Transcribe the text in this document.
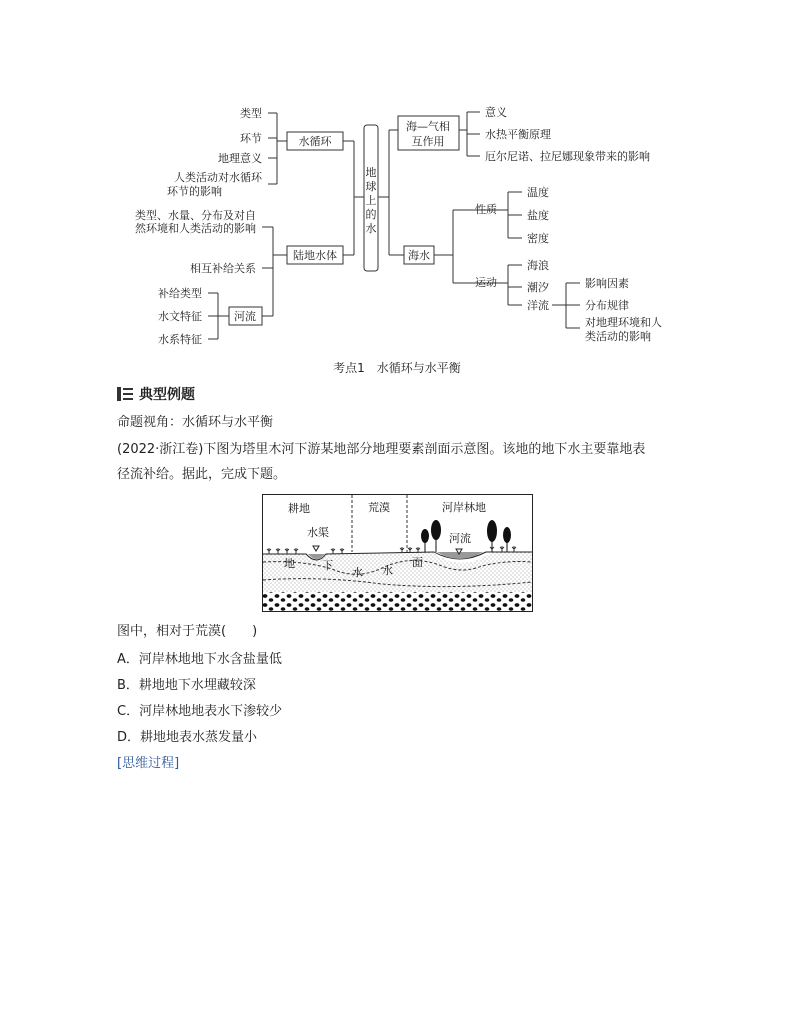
类型
环节
地理意义
人类活动对水循环
环节的影响
水循环
类型、水量、分布及对自
然环境和人类活动的影响
相互补给关系
陆地水体
补给类型
水文特征
水系特征
河流
地
球
上
的
水
海—气相
互作用
意义
水热平衡原理
厄尔尼诺、拉尼娜现象带来的影响
海水
性质
温度
盐度
密度
运动
海浪
潮汐
洋流
影响因素
分布规律
对地理环境和人
类活动的影响
考点1　水循环与水平衡
典型例题
命题视角：水循环与水平衡
(2022·浙江卷)下图为塔里木河下游某地部分地理要素剖面示意图。该地的地下水主要靠地表
径流补给。据此，完成下题。
耕地	荒漠	河岸林地
水渠	河流
地 下
水 水
面
图中，相对于荒漠(　　)
A．河岸林地地下水含盐量低
B．耕地地下水埋藏较深
C．河岸林地地表水下渗较少
D．耕地地表水蒸发量小
[思维过程]
